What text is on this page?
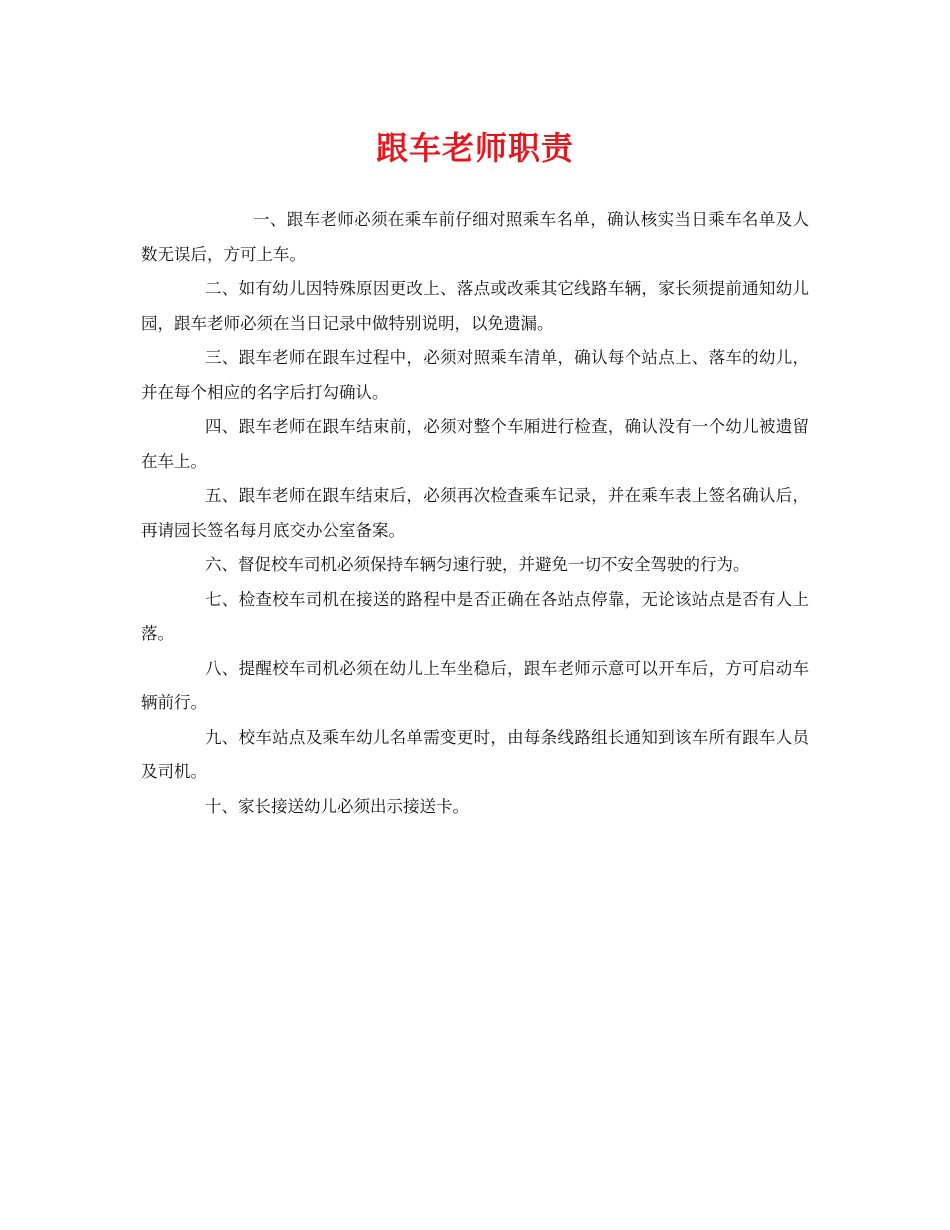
跟车老师职责

一、跟车老师必须在乘车前仔细对照乘车名单，确认核实当日乘车名单及人数无误后，方可上车。

二、如有幼儿因特殊原因更改上、落点或改乘其它线路车辆，家长须提前通知幼儿园，跟车老师必须在当日记录中做特别说明，以免遗漏。

三、跟车老师在跟车过程中，必须对照乘车清单，确认每个站点上、落车的幼儿，并在每个相应的名字后打勾确认。

四、跟车老师在跟车结束前，必须对整个车厢进行检查，确认没有一个幼儿被遗留在车上。

五、跟车老师在跟车结束后，必须再次检查乘车记录，并在乘车表上签名确认后，再请园长签名每月底交办公室备案。

六、督促校车司机必须保持车辆匀速行驶，并避免一切不安全驾驶的行为。

七、检查校车司机在接送的路程中是否正确在各站点停靠，无论该站点是否有人上落。

八、提醒校车司机必须在幼儿上车坐稳后，跟车老师示意可以开车后，方可启动车辆前行。

九、校车站点及乘车幼儿名单需变更时，由每条线路组长通知到该车所有跟车人员及司机。

十、家长接送幼儿必须出示接送卡。
